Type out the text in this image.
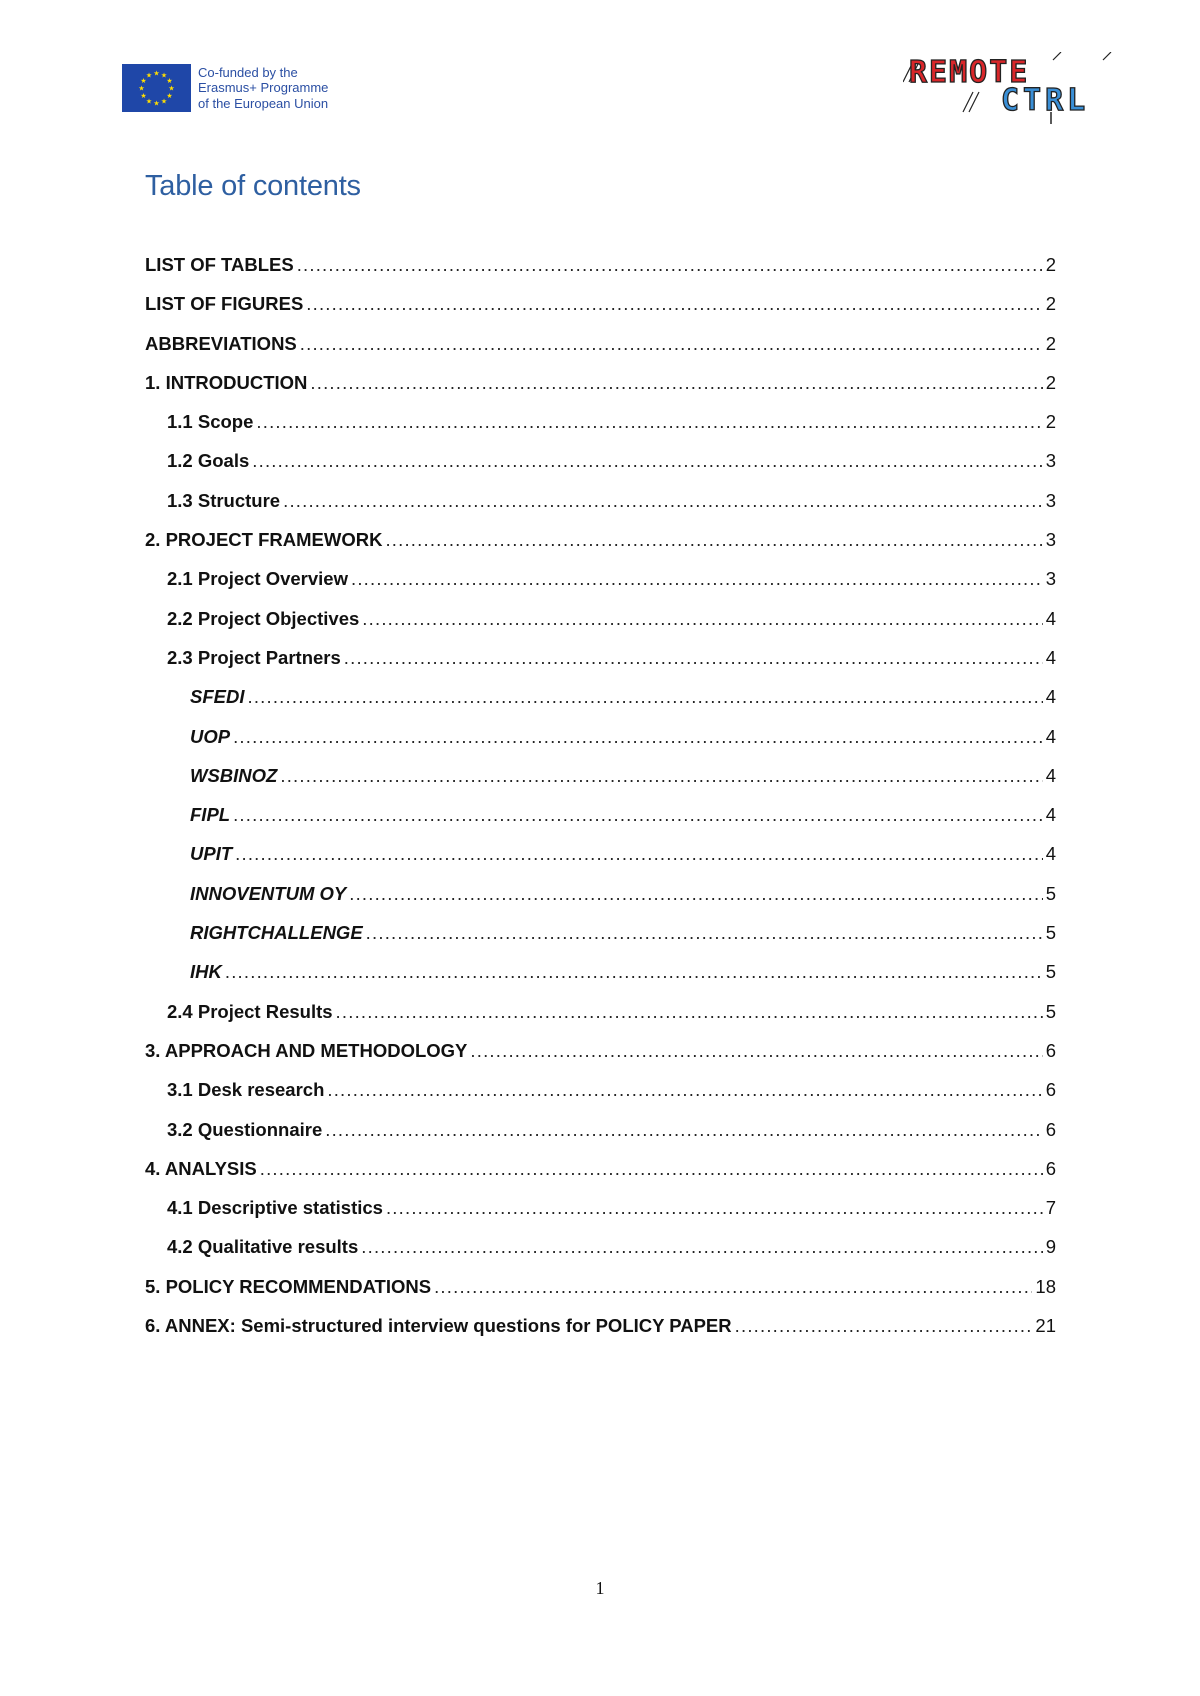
★ ★
★
★
★
★
★
★
★
★
★
★	Co-funded by the
Erasmus+ Programme
of the European Union
REMOTE
CTRL
Table of contents
LIST OF TABLES .....	2
LIST OF FIGURES .....	2
ABBREVIATIONS .....	2
1. INTRODUCTION .....	2
1.1 Scope .....	2
1.2 Goals .....	3
1.3 Structure .....	3
2. PROJECT FRAMEWORK .....	3
2.1 Project Overview .....	3
2.2 Project Objectives .....	4
2.3 Project Partners .....	4
SFEDI .....	4
UOP .....	4
WSBINOZ .....	4
FIPL .....	4
UPIT .....	4
INNOVENTUM OY .....	5
RIGHTCHALLENGE .....	5
IHK .....	5
2.4 Project Results .....	5
3. APPROACH AND METHODOLOGY .....	6
3.1 Desk research .....	6
3.2 Questionnaire .....	6
4. ANALYSIS .....	6
4.1 Descriptive statistics .....	7
4.2 Qualitative results .....	9
5. POLICY RECOMMENDATIONS .....	18
6. ANNEX: Semi-structured interview questions for POLICY PAPER .....	21
1
